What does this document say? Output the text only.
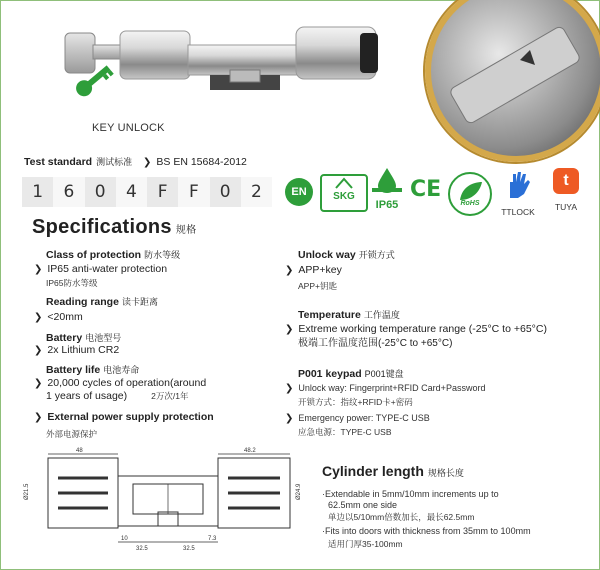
KEY UNLOCK
Test standard 测试标准 ❯ BS EN 15684-2012
1	6	0	4	F	F	0	2	EN	SKG
IP65
CE
RoHS
TTLOCK
t
TUYA
Specifications 规格
Class of protection 防水等级
❯ IP65 anti-water protection
IP65防水等级
Reading range 读卡距离
❯ <20mm
Battery 电池型号
❯ 2x Lithium CR2
Battery life 电池寿命
❯ 20,000 cycles of operation(around
1 years of usage)	2万次/1年
❯ External power supply protection
外部电源保护
Unlock way 开锁方式
❯ APP+key
APP+钥匙
Temperature 工作温度
❯ Extreme working temperature range (-25°C to +65°C)
极端工作温度范围(-25°C to +65°C)
P001 keypad P001键盘
❯ Unlock way: Fingerprint+RFID Card+Password
开锁方式：指纹+RFID卡+密码
❯ Emergency power: TYPE-C USB
应急电源：TYPE-C USB
48	48.2
Ø21.5	Ø24.9
10
32.5	32.5
7.3
Cylinder length 规格长度
·Extendable in 5mm/10mm increments up to
62.5mm one side
单边以5/10mm倍数加长，最长62.5mm
·Fits into doors with thickness from 35mm to 100mm
适用门厚35-100mm
